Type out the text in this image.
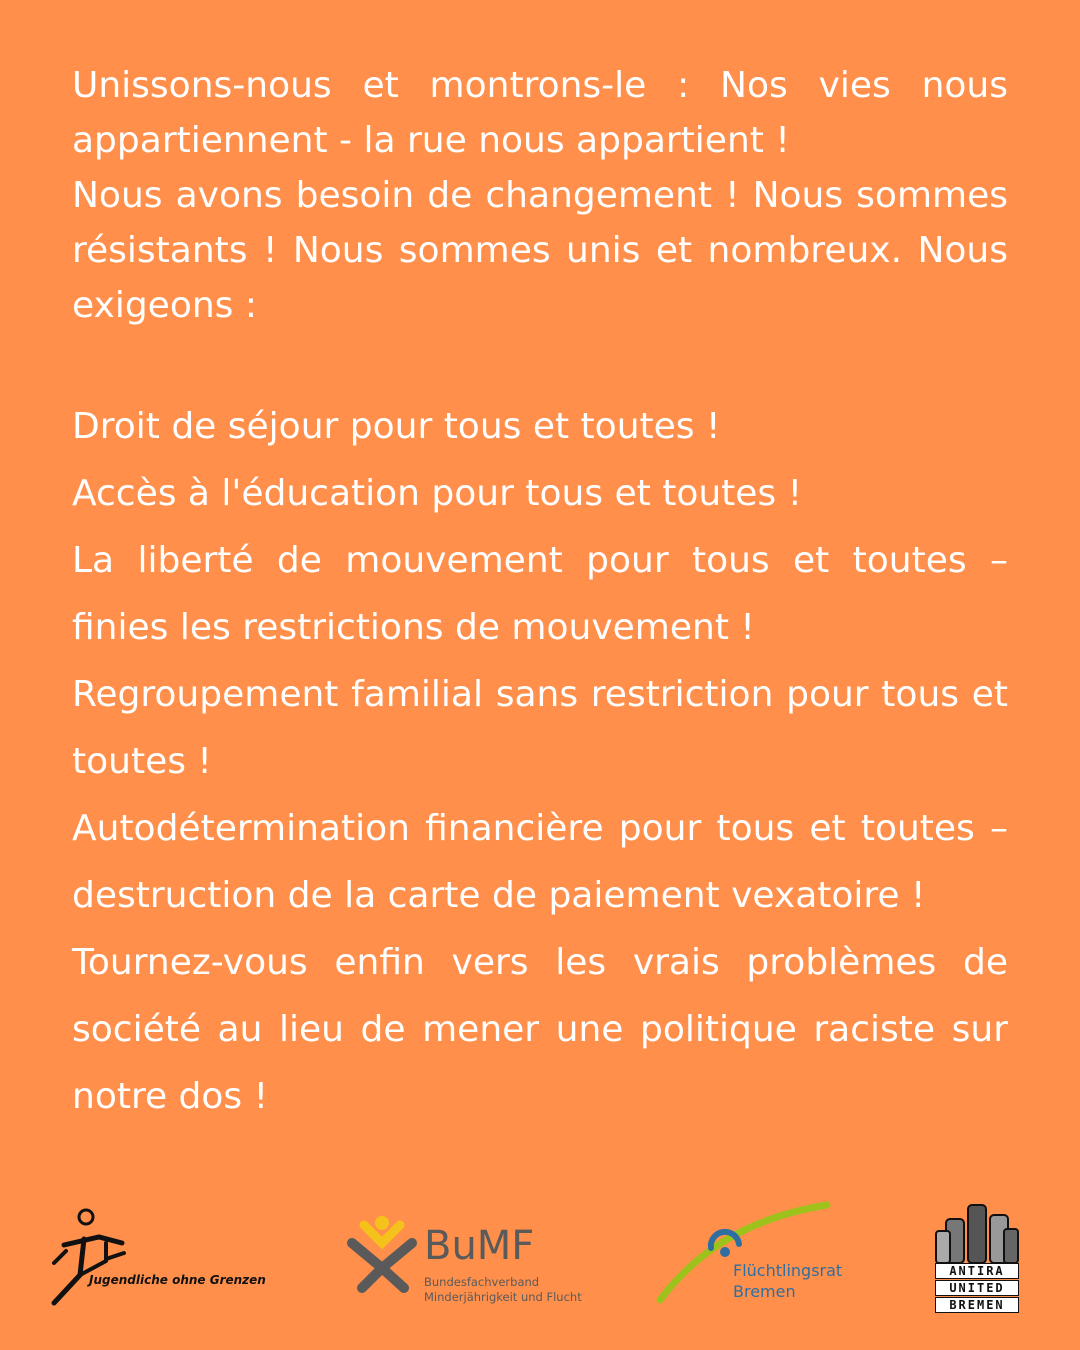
Unissons-nous et montrons-le : Nos vies nous appartiennent - la rue nous appartient !
Nous avons besoin de changement ! Nous sommes résistants ! Nous sommes unis et nombreux. Nous exigeons :

Droit de séjour pour tous et toutes !
Accès à l'éducation pour tous et toutes !
La liberté de mouvement pour tous et toutes – finies les restrictions de mouvement !
Regroupement familial sans restriction pour tous et toutes !
Autodétermination financière pour tous et toutes – destruction de la carte de paiement vexatoire !
Tournez-vous enfin vers les vrais problèmes de société au lieu de mener une politique raciste sur notre dos !
Jugendliche ohne Grenzen
BuMF
Bundesfachverband
Minderjährigkeit und Flucht
Flüchtlingsrat
Bremen
ANTIRA
UNITED
BREMEN
